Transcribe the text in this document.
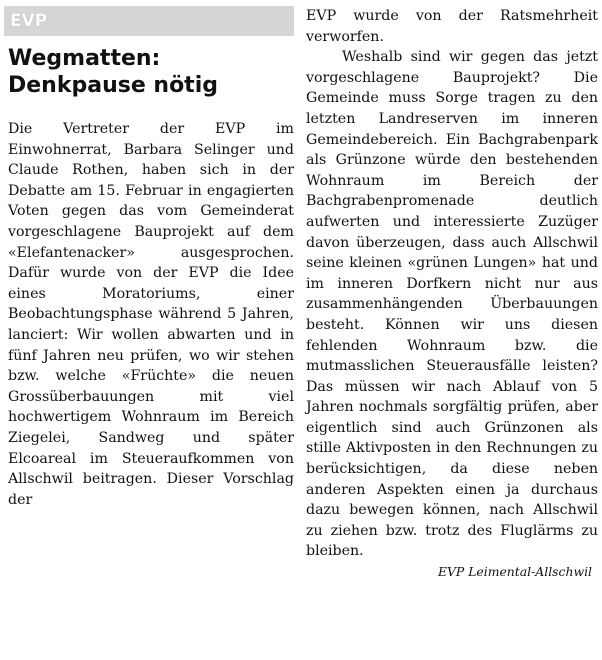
EVP
Wegmatten:
Denkpause nötig

Die Vertreter der EVP im Einwohnerrat, Barbara Selinger und Claude Rothen, haben sich in der Debatte am 15. Februar in engagierten Voten gegen das vom Gemeinderat vorgeschlagene Bauprojekt auf dem «Elefantenacker» ausgesprochen. Dafür wurde von der EVP die Idee eines Moratoriums, einer Beobachtungsphase während 5 Jahren, lanciert: Wir wollen abwarten und in fünf Jahren neu prüfen, wo wir stehen bzw. welche «Früchte» die neuen Grossüberbauungen mit viel hochwertigem Wohnraum im Bereich Ziegelei, Sandweg und später Elcoareal im Steueraufkommen von Allschwil beitragen. Dieser Vorschlag der

EVP wurde von der Ratsmehrheit verworfen.

Weshalb sind wir gegen das jetzt vorgeschlagene Bauprojekt? Die Gemeinde muss Sorge tragen zu den letzten Landreserven im inneren Gemeindebereich. Ein Bachgrabenpark als Grünzone würde den bestehenden Wohnraum im Bereich der Bachgrabenpromenade deutlich aufwerten und interessierte Zuzüger davon überzeugen, dass auch Allschwil seine kleinen «grünen Lungen» hat und im inneren Dorfkern nicht nur aus zusammenhängenden Überbauungen besteht. Können wir uns diesen fehlenden Wohnraum bzw. die mutmasslichen Steuerausfälle leisten? Das müssen wir nach Ablauf von 5 Jahren nochmals sorgfältig prüfen, aber eigentlich sind auch Grünzonen als stille Aktivposten in den Rechnungen zu berücksichtigen, da diese neben anderen Aspekten einen ja durchaus dazu bewegen können, nach Allschwil zu ziehen bzw. trotz des Fluglärms zu bleiben.

EVP Leimental-Allschwil
